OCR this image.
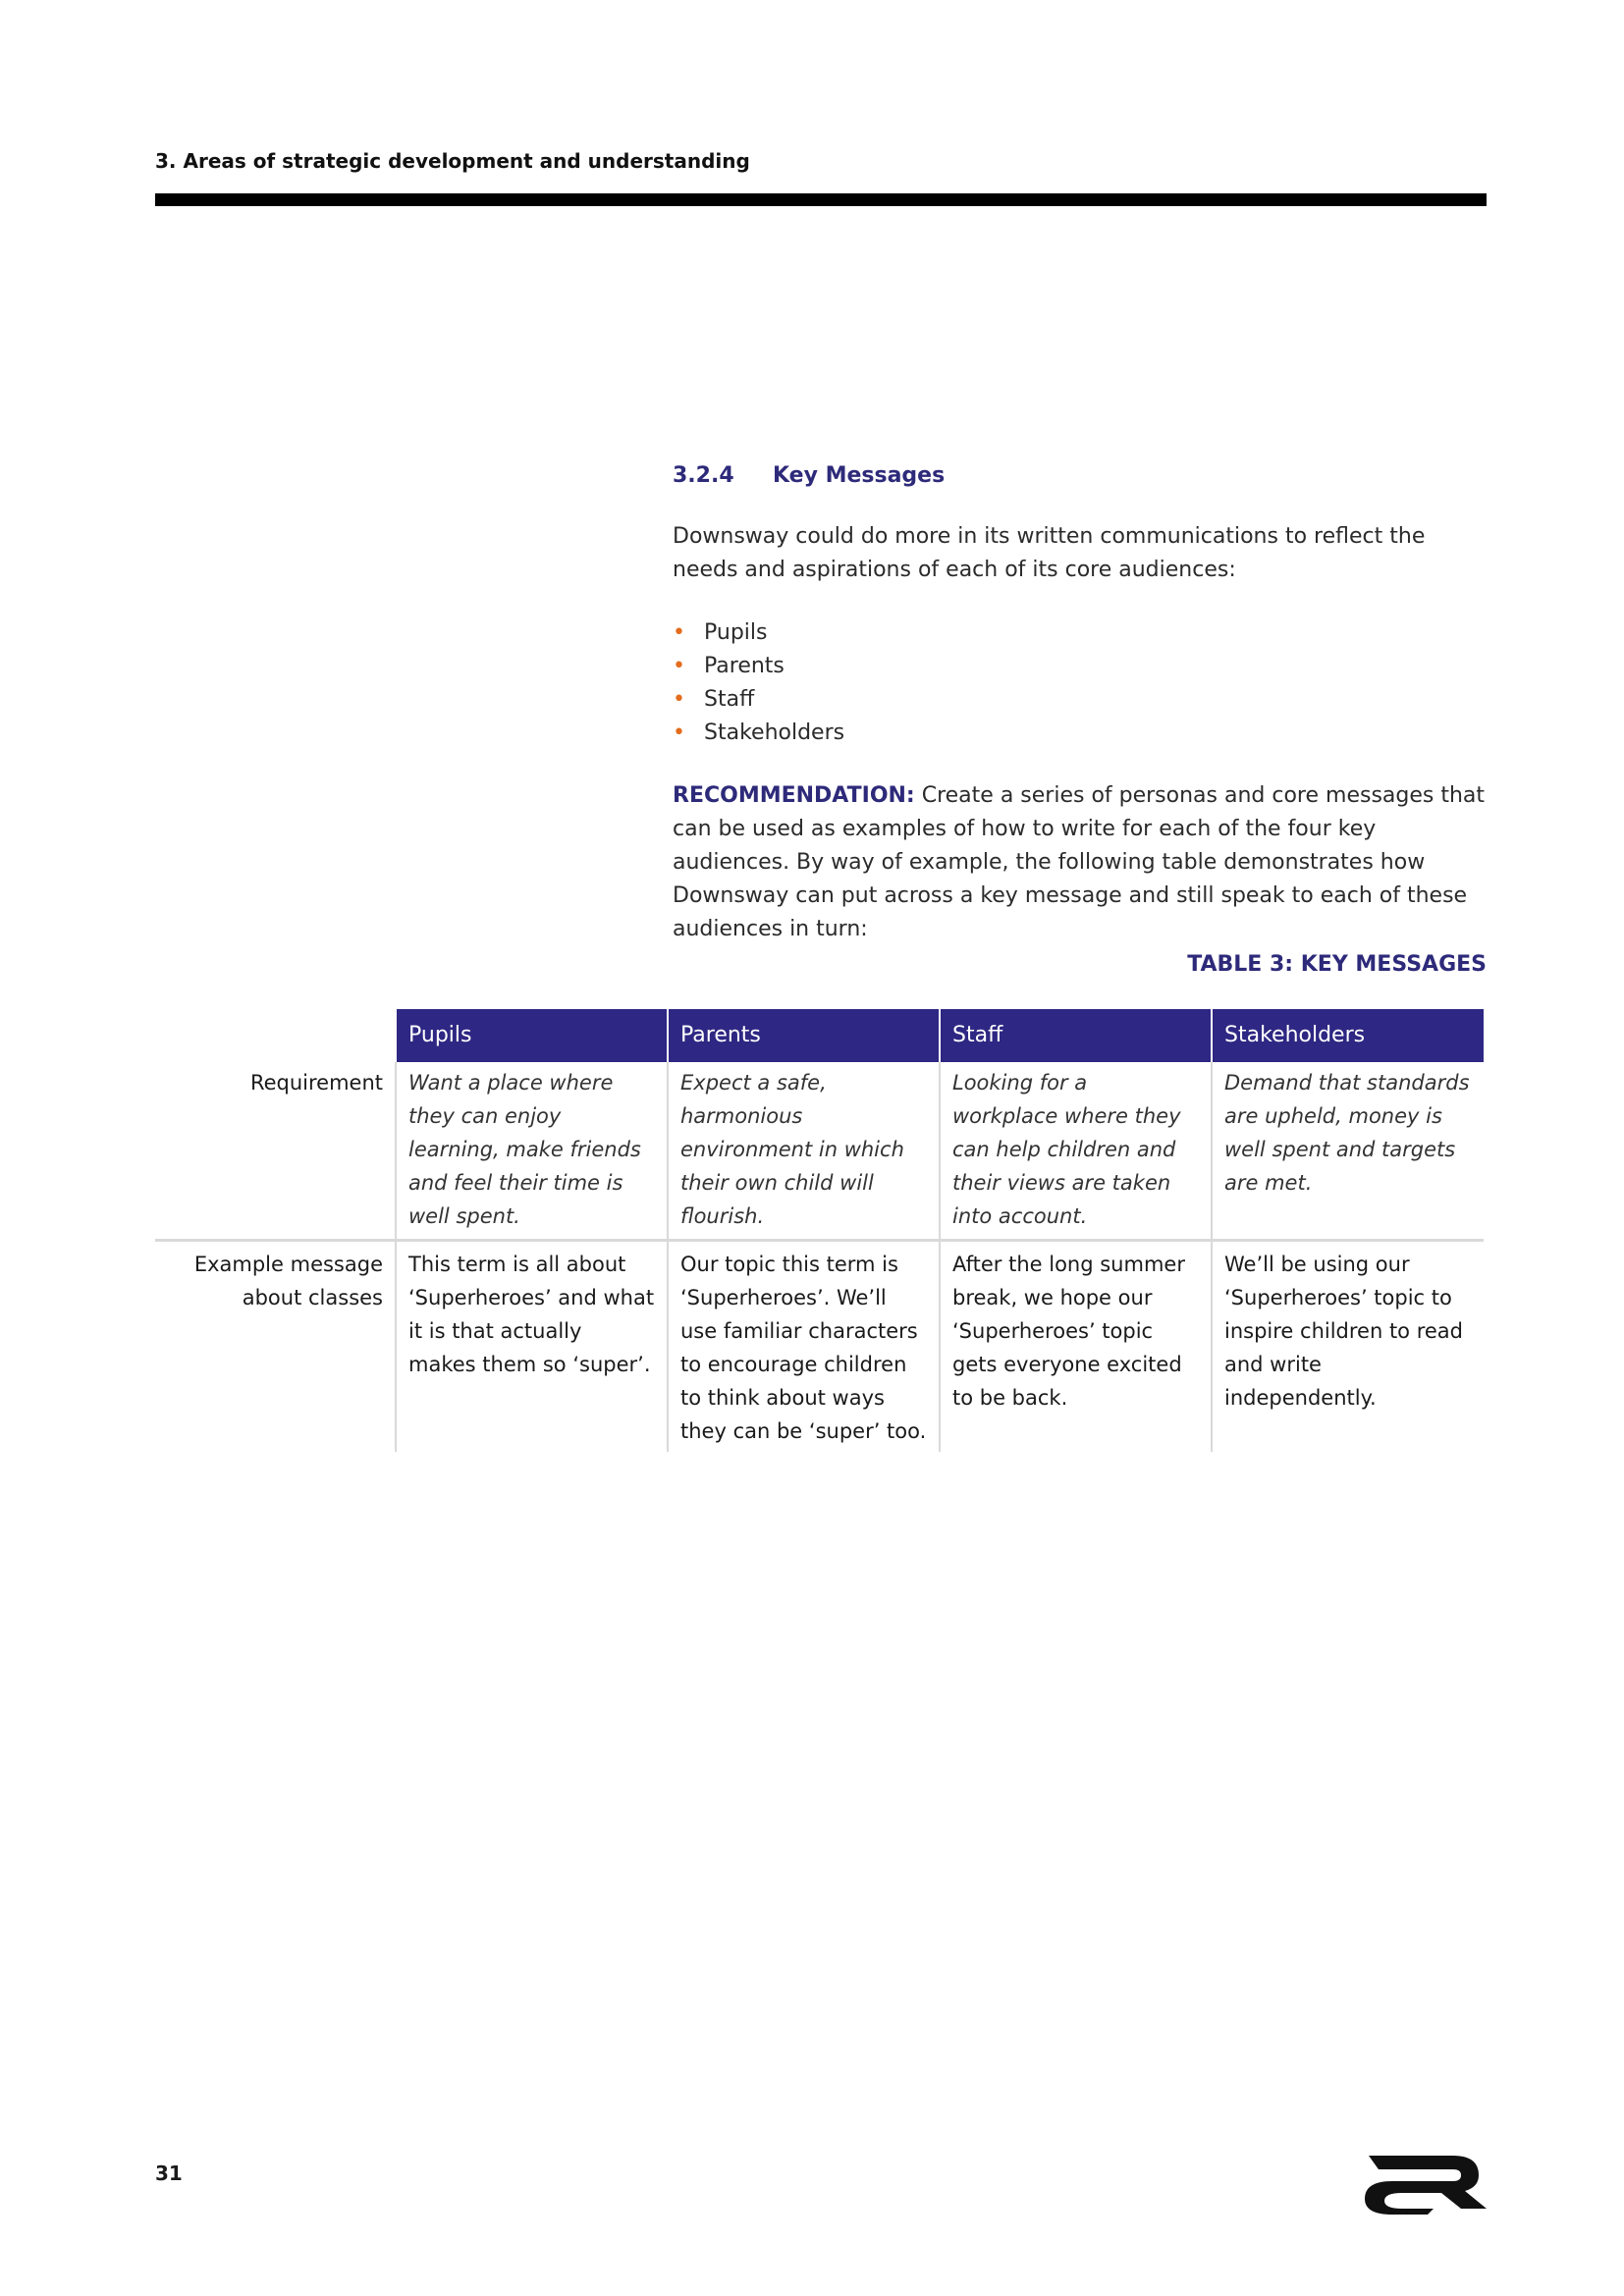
3. Areas of strategic development and understanding
3.2.4 Key Messages

Downsway could do more in its written communications to reflect the needs and aspirations of each of its core audiences:

• Pupils
• Parents
• Staff
• Stakeholders

RECOMMENDATION: Create a series of personas and core messages that can be used as examples of how to write for each of the four key audiences. By way of example, the following table demonstrates how Downsway can put across a key message and still speak to each of these audiences in turn:

TABLE 3: KEY MESSAGES
	Pupils	Parents	Staff	Stakeholders
Requirement	Want a place where they can enjoy learning, make friends and feel their time is well spent.	Expect a safe, harmonious environment in which their own child will flourish.	Looking for a workplace where they can help children and their views are taken into account.	Demand that standards are upheld, money is well spent and targets are met.
Example message about classes	This term is all about ‘Superheroes’ and what it is that actually makes them so ‘super’.	Our topic this term is ‘Superheroes’. We’ll use familiar characters to encourage children to think about ways they can be ‘super’ too.	After the long summer break, we hope our ‘Superheroes’ topic gets everyone excited to be back.	We’ll be using our ‘Superheroes’ topic to inspire children to read and write independently.
31
